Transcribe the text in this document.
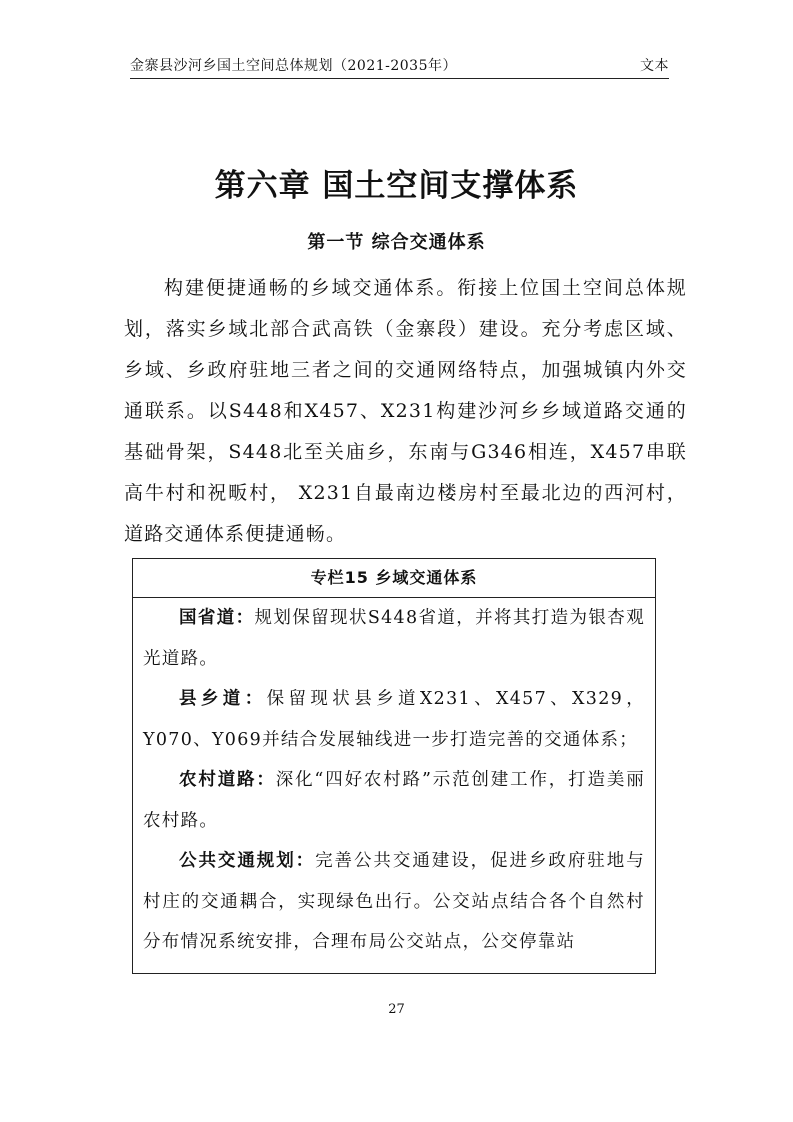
金寨县沙河乡国土空间总体规划（2021-2035年）	文本
第六章 国土空间支撑体系
第一节 综合交通体系

构建便捷通畅的乡域交通体系。衔接上位国土空间总体规划，落实乡域北部合武高铁（金寨段）建设。充分考虑区域、乡域、乡政府驻地三者之间的交通网络特点，加强城镇内外交通联系。以S448和X457、X231构建沙河乡乡域道路交通的基础骨架，S448北至关庙乡，东南与G346相连，X457串联高牛村和祝畈村， X231自最南边楼房村至最北边的西河村，道路交通体系便捷通畅。

专栏15 乡域交通体系

国省道：规划保留现状S448省道，并将其打造为银杏观光道路。

县乡道：保留现状县乡道X231、X457、X329，Y070、Y069并结合发展轴线进一步打造完善的交通体系；

农村道路：深化“四好农村路”示范创建工作，打造美丽农村路。

公共交通规划：完善公共交通建设，促进乡政府驻地与村庄的交通耦合，实现绿色出行。公交站点结合各个自然村分布情况系统安排，合理布局公交站点，公交停靠站

27
